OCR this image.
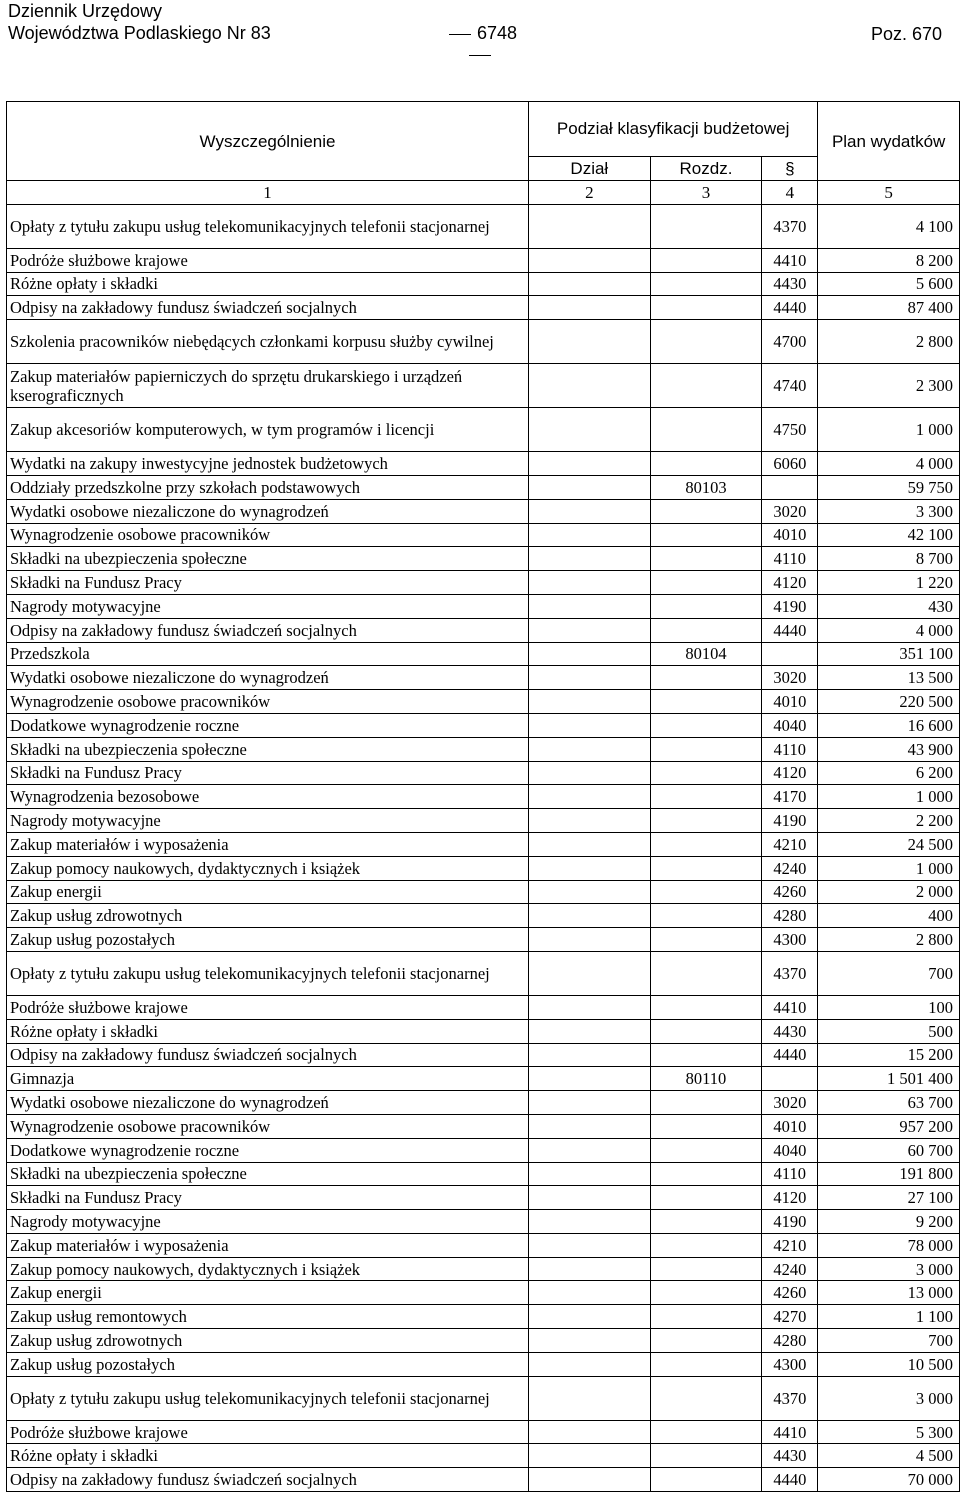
Dziennik Urzędowy
Województwa Podlaskiego Nr 83	6748	Poz. 670
Wyszczególnienie	Podział klasyfikacji budżetowej			Plan wydatków
	Dział	Rozdz.	§	
1	2	3	4	5
Opłaty z tytułu zakupu usług telekomunikacyjnych telefonii stacjonarnej			4370	4 100
Podróże służbowe krajowe			4410	8 200
Różne opłaty i składki			4430	5 600
Odpisy na zakładowy fundusz świadczeń socjalnych			4440	87 400
Szkolenia pracowników niebędących członkami korpusu służby cywilnej			4700	2 800
Zakup materiałów papierniczych do sprzętu drukarskiego i urządzeń kserograficznych			4740	2 300
Zakup akcesoriów komputerowych, w tym programów i licencji			4750	1 000
Wydatki na zakupy inwestycyjne jednostek budżetowych			6060	4 000
Oddziały przedszkolne przy szkołach podstawowych		80103		59 750
Wydatki osobowe niezaliczone do wynagrodzeń			3020	3 300
Wynagrodzenie osobowe pracowników			4010	42 100
Składki na ubezpieczenia społeczne			4110	8 700
Składki na Fundusz Pracy			4120	1 220
Nagrody motywacyjne			4190	430
Odpisy na zakładowy fundusz świadczeń socjalnych			4440	4 000
Przedszkola		80104		351 100
Wydatki osobowe niezaliczone do wynagrodzeń			3020	13 500
Wynagrodzenie osobowe pracowników			4010	220 500
Dodatkowe wynagrodzenie roczne			4040	16 600
Składki na ubezpieczenia społeczne			4110	43 900
Składki na Fundusz Pracy			4120	6 200
Wynagrodzenia bezosobowe			4170	1 000
Nagrody motywacyjne			4190	2 200
Zakup materiałów i wyposażenia			4210	24 500
Zakup pomocy naukowych, dydaktycznych i książek			4240	1 000
Zakup energii			4260	2 000
Zakup usług zdrowotnych			4280	400
Zakup usług pozostałych			4300	2 800
Opłaty z tytułu zakupu usług telekomunikacyjnych telefonii stacjonarnej			4370	700
Podróże służbowe krajowe			4410	100
Różne opłaty i składki			4430	500
Odpisy na zakładowy fundusz świadczeń socjalnych			4440	15 200
Gimnazja		80110		1 501 400
Wydatki osobowe niezaliczone do wynagrodzeń			3020	63 700
Wynagrodzenie osobowe pracowników			4010	957 200
Dodatkowe wynagrodzenie roczne			4040	60 700
Składki na ubezpieczenia społeczne			4110	191 800
Składki na Fundusz Pracy			4120	27 100
Nagrody motywacyjne			4190	9 200
Zakup materiałów i wyposażenia			4210	78 000
Zakup pomocy naukowych, dydaktycznych i książek			4240	3 000
Zakup energii			4260	13 000
Zakup usług remontowych			4270	1 100
Zakup usług zdrowotnych			4280	700
Zakup usług pozostałych			4300	10 500
Opłaty z tytułu zakupu usług telekomunikacyjnych telefonii stacjonarnej			4370	3 000
Podróże służbowe krajowe			4410	5 300
Różne opłaty i składki			4430	4 500
Odpisy na zakładowy fundusz świadczeń socjalnych			4440	70 000
